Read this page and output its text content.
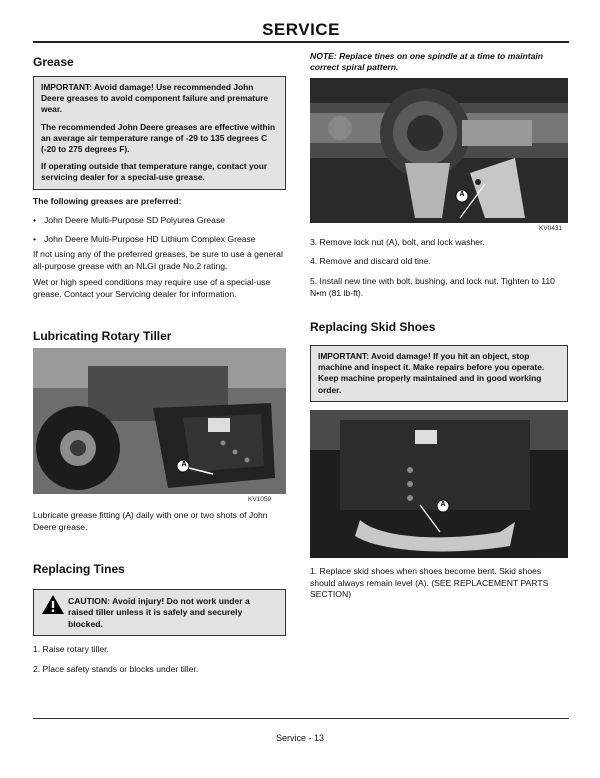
SERVICE
Grease

IMPORTANT: Avoid damage! Use recommended John Deere greases to avoid component failure and premature wear.

The recommended John Deere greases are effective within an average air temperature range of -29 to 135 degrees C (-20 to 275 degrees F).

If operating outside that temperature range, contact your servicing dealer for a special-use grease.

The following greases are preferred:

• John Deere Multi-Purpose SD Polyurea Grease
• John Deere Multi-Purpose HD Lithium Complex Grease

If not using any of the preferred greases, be sure to use a general all-purpose grease with an NLGI grade No.2 rating.

Wet or high speed conditions may require use of a special-use grease. Contact your Servicing dealer for information.

Lubricating Rotary Tiller
A
KV1059

Lubricate grease fitting (A) daily with one or two shots of John Deere grease.

Replacing Tines

CAUTION: Avoid injury! Do not work under a raised tiller unless it is safely and securely blocked.

1. Raise rotary tiller.

2. Place safety stands or blocks under tiller.

NOTE: Replace tines on one spindle at a time to maintain correct spiral pattern.

A
KV0431

3. Remove lock nut (A), bolt, and lock washer.

4. Remove and discard old tine.

5. Install new tine with bolt, bushing, and lock nut. Tighten to 110 N•m (81 lb-ft).

Replacing Skid Shoes

IMPORTANT: Avoid damage! If you hit an object, stop machine and inspect it. Make repairs before you operate. Keep machine properly maintained and in good working order.

A
KV1065

1. Replace skid shoes when shoes become bent. Skid shoes should always remain level (A). (SEE REPLACEMENT PARTS SECTION)

Service - 13
